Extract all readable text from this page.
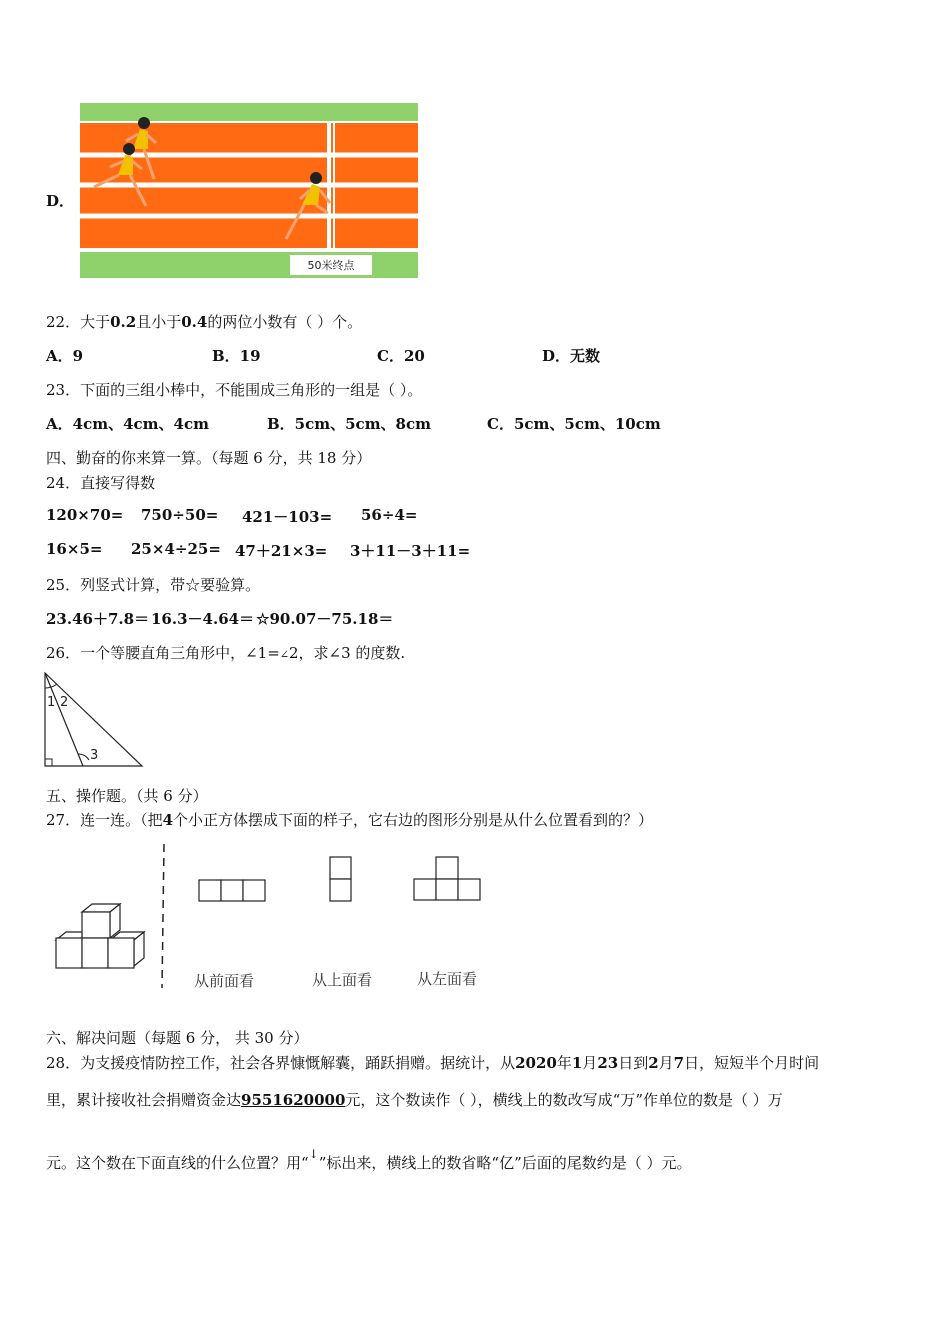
D．
50米终点
22．大于0.2且小于0.4的两位小数有（ ）个。
A．9	B．19	C．20	D．无数
23．下面的三组小棒中，不能围成三角形的一组是（ ）。
A．4cm、4cm、4cm	B．5cm、5cm、8cm	C．5cm、5cm、10cm
四、勤奋的你来算一算。（每题 6 分，共 18 分）
24．直接写得数
120×70= 750÷50= 421－103= 56÷4=
16×5= 25×4÷25= 47＋21×3= 3＋11－3＋11=
25．列竖式计算，带☆要验算。
23.46＋7.8＝ 16.3－4.64＝ ☆90.07－75.18＝
26．一个等腰直角三角形中，∠1=∠2，求∠3 的度数.
1 2
3
五、操作题。（共 6 分）
27．连一连。（把4个小正方体摆成下面的样子，它右边的图形分别是从什么位置看到的？）
从前面看	从上面看	从左面看
六、解决问题（每题 6 分， 共 30 分）
28．为支援疫情防控工作，社会各界慷慨解囊，踊跃捐赠。据统计，从2020年1月23日到2月7日，短短半个月时间
里，累计接收社会捐赠资金达9551620000元，这个数读作（ ），横线上的数改写成“万”作单位的数是（ ）万
元。这个数在下面直线的什么位置？用“↓”标出来，横线上的数省略“亿”后面的尾数约是（ ）元。
